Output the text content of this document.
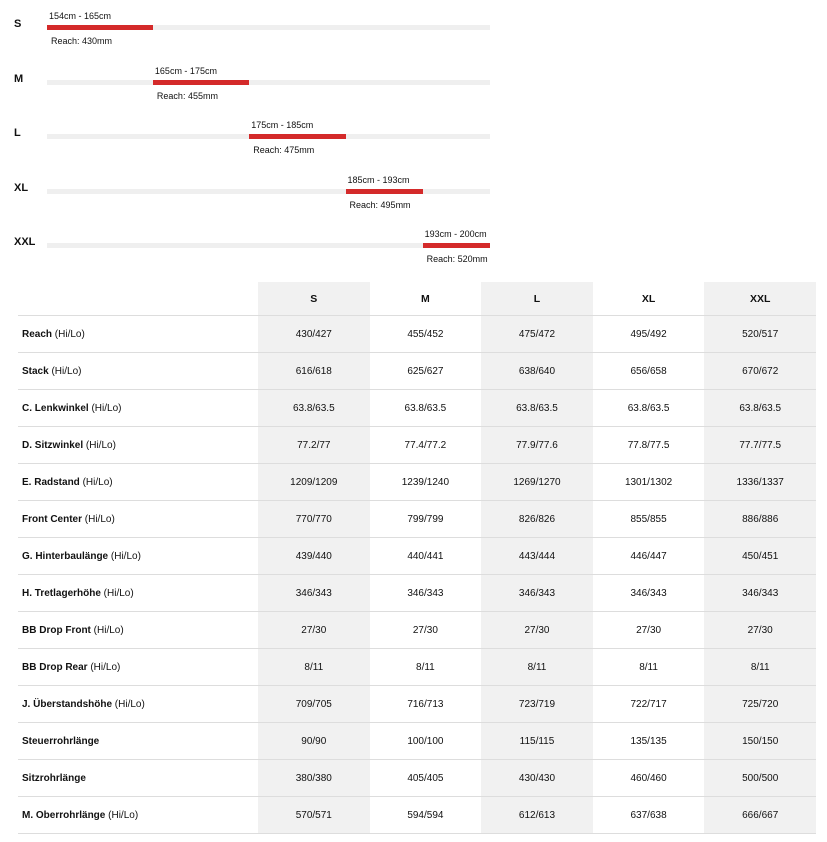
S
154cm - 165cm
Reach: 430mm
M
165cm - 175cm
Reach: 455mm
L
175cm - 185cm
Reach: 475mm
XL
185cm - 193cm
Reach: 495mm
XXL
193cm - 200cm
Reach: 520mm
	S	M	L	XL	XXL
Reach (Hi/Lo)	430/427	455/452	475/472	495/492	520/517
Stack (Hi/Lo)	616/618	625/627	638/640	656/658	670/672
C. Lenkwinkel (Hi/Lo)	63.8/63.5	63.8/63.5	63.8/63.5	63.8/63.5	63.8/63.5
D. Sitzwinkel (Hi/Lo)	77.2/77	77.4/77.2	77.9/77.6	77.8/77.5	77.7/77.5
E. Radstand (Hi/Lo)	1209/1209	1239/1240	1269/1270	1301/1302	1336/1337
Front Center (Hi/Lo)	770/770	799/799	826/826	855/855	886/886
G. Hinterbaulänge (Hi/Lo)	439/440	440/441	443/444	446/447	450/451
H. Tretlagerhöhe (Hi/Lo)	346/343	346/343	346/343	346/343	346/343
BB Drop Front (Hi/Lo)	27/30	27/30	27/30	27/30	27/30
BB Drop Rear (Hi/Lo)	8/11	8/11	8/11	8/11	8/11
J. Überstandshöhe (Hi/Lo)	709/705	716/713	723/719	722/717	725/720
Steuerrohrlänge	90/90	100/100	115/115	135/135	150/150
Sitzrohrlänge	380/380	405/405	430/430	460/460	500/500
M. Oberrohrlänge (Hi/Lo)	570/571	594/594	612/613	637/638	666/667
